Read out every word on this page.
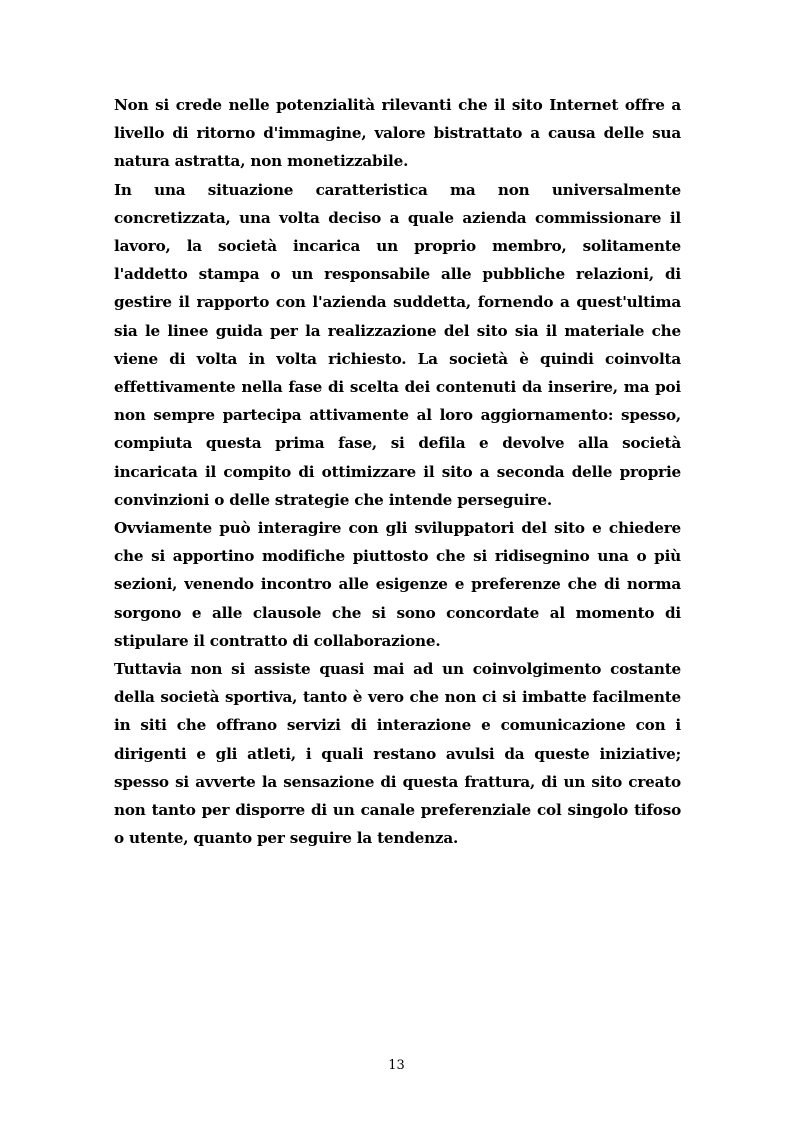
Non si crede nelle potenzialità rilevanti che il sito Internet offre a livello di ritorno d'immagine, valore bistrattato a causa delle sua natura astratta, non monetizzabile.

In una situazione caratteristica ma non universalmente concretizzata, una volta deciso a quale azienda commissionare il lavoro, la società incarica un proprio membro, solitamente l'addetto stampa o un responsabile alle pubbliche relazioni, di gestire il rapporto con l'azienda suddetta, fornendo a quest'ultima sia le linee guida per la realizzazione del sito sia il materiale che viene di volta in volta richiesto. La società è quindi coinvolta effettivamente nella fase di scelta dei contenuti da inserire, ma poi non sempre partecipa attivamente al loro aggiornamento: spesso, compiuta questa prima fase, si defila e devolve alla società incaricata il compito di ottimizzare il sito a seconda delle proprie convinzioni o delle strategie che intende perseguire.

Ovviamente può interagire con gli sviluppatori del sito e chiedere che si apportino modifiche piuttosto che si ridisegnino una o più sezioni, venendo incontro alle esigenze e preferenze che di norma sorgono e alle clausole che si sono concordate al momento di stipulare il contratto di collaborazione.

Tuttavia non si assiste quasi mai ad un coinvolgimento costante della società sportiva, tanto è vero che non ci si imbatte facilmente in siti che offrano servizi di interazione e comunicazione con i dirigenti e gli atleti, i quali restano avulsi da queste iniziative; spesso si avverte la sensazione di questa frattura, di un sito creato non tanto per disporre di un canale preferenziale col singolo tifoso o utente, quanto per seguire la tendenza.

13
